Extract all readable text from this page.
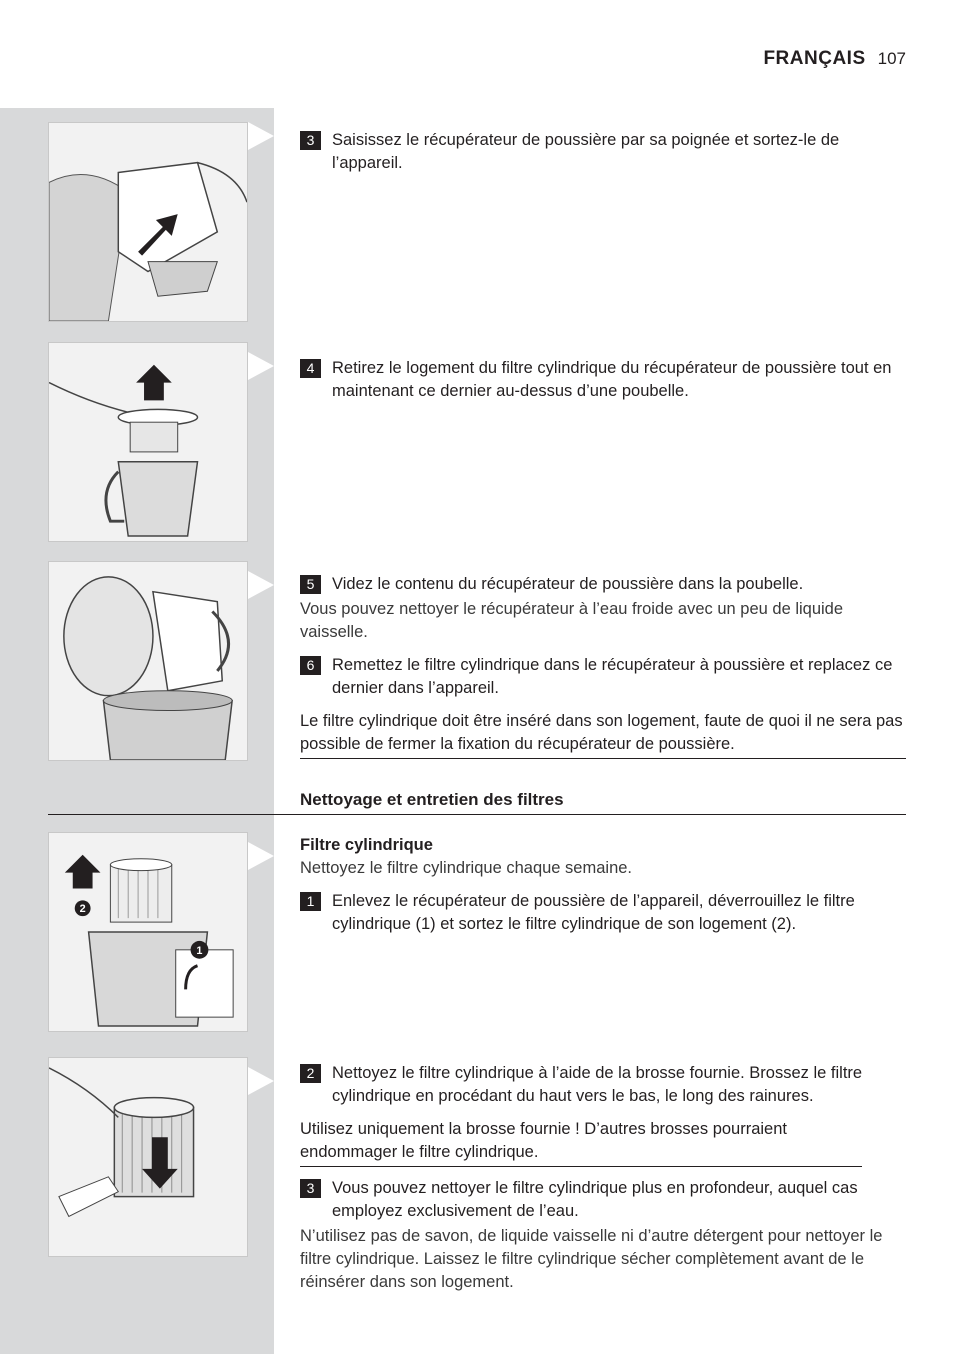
FRANÇAIS 107
2
1
3	Saisissez le récupérateur de poussière par sa poignée et sortez-le de l’appareil.
4	Retirez le logement du filtre cylindrique du récupérateur de poussière tout en maintenant ce dernier au-dessus d’une poubelle.
5	Videz le contenu du récupérateur de poussière dans la poubelle.
Vous pouvez nettoyer le récupérateur à l’eau froide avec un peu de liquide vaisselle.
6	Remettez le filtre cylindrique dans le récupérateur à poussière et replacez ce dernier dans l’appareil.
Le filtre cylindrique doit être inséré dans son logement, faute de quoi il ne sera pas possible de fermer la fixation du récupérateur de poussière.
Nettoyage et entretien des filtres
Filtre cylindrique
Nettoyez le filtre cylindrique chaque semaine.
1	Enlevez le récupérateur de poussière de l’appareil, déverrouillez le filtre cylindrique (1) et sortez le filtre cylindrique de son logement (2).
2	Nettoyez le filtre cylindrique à l’aide de la brosse fournie. Brossez le filtre cylindrique en procédant du haut vers le bas, le long des rainures.
Utilisez uniquement la brosse fournie ! D’autres brosses pourraient endommager le filtre cylindrique.
3	Vous pouvez nettoyer le filtre cylindrique plus en profondeur, auquel cas employez exclusivement de l’eau.
N’utilisez pas de savon, de liquide vaisselle ni d’autre détergent pour nettoyer le filtre cylindrique. Laissez le filtre cylindrique sécher complètement avant de le réinsérer dans son logement.
